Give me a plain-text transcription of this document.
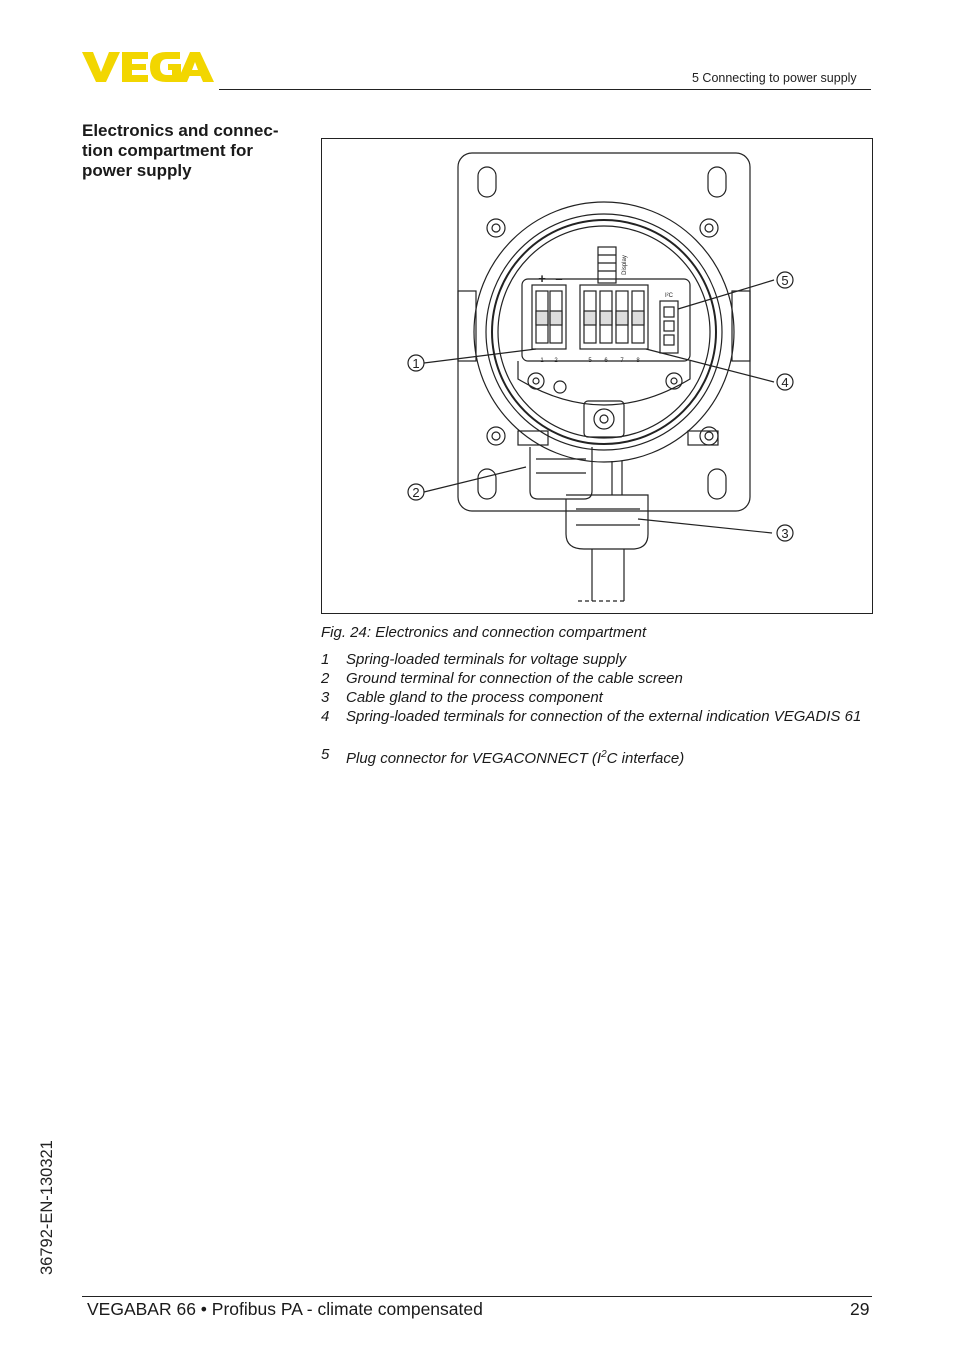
5 Connecting to power supply
Electronics and connec- tion compartment for power supply
1
2
3
4
5
+ –
1 2	5 6 7 8
I²C
Display
Fig. 24: Electronics and connection compartment
1	Spring-loaded terminals for voltage supply
2	Ground terminal for connection of the cable screen
3	Cable gland to the process component
4	Spring-loaded terminals for connection of the external indication VEGADIS 61
5	Plug connector for VEGACONNECT ($I^2C$ interface)
36792-EN-130321
VEGABAR 66 • Profibus PA - climate compensated	29
